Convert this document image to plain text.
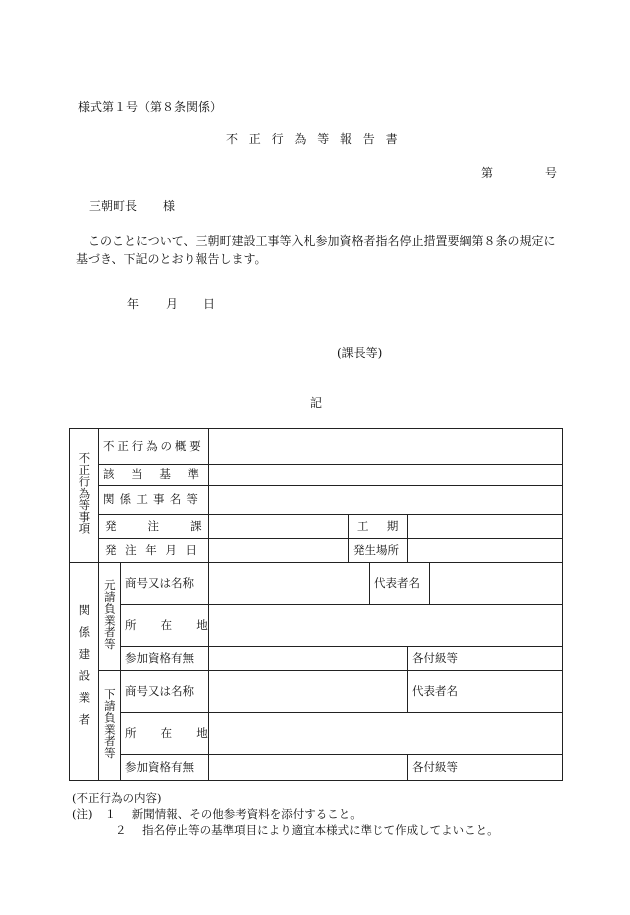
様式第１号（第８条関係）
不正行為等報告書
第	号
三朝町長 様
このことについて、三朝町建設工事等入札参加資格者指名停止措置要綱第８条の規定に基づき、下記のとおり報告します。
年 月 日
(課長等)
記
不正行為等事項	不正行為の概要							
	該当基準							
	関係工事名等							
	発注課			工期				
	発注年月日			発生場所				
関係建設業者	元請負業者等	商号又は名称			代表者名			
		所在地						
		参加資格有無				各付級等		
	下請負業者等	商号又は名称				代表者名		
		所在地						
		参加資格有無				各付級等		
(不正行為の内容)
(注) １ 新聞情報、その他参考資料を添付すること。
２ 指名停止等の基準項目により適宜本様式に準じて作成してよいこと。
